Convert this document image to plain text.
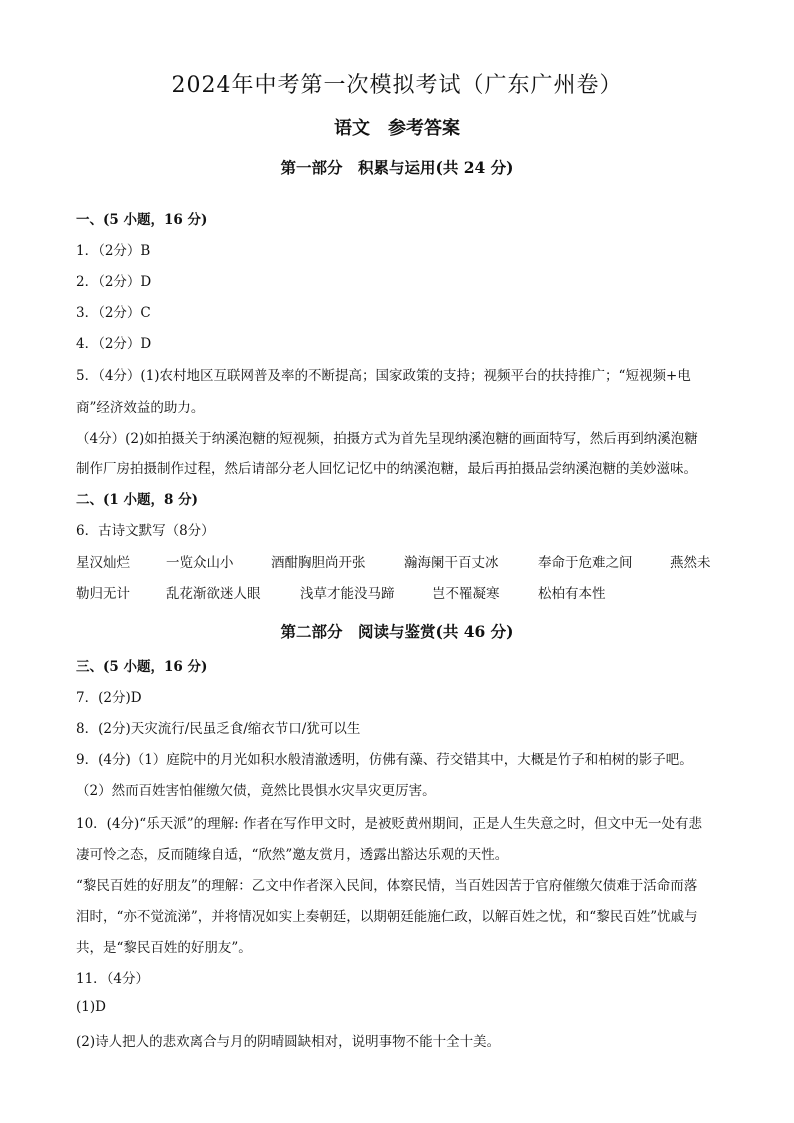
2024年中考第一次模拟考试（广东广州卷）
语文　参考答案
第一部分　积累与运用(共 24 分)
一、(5 小题，16 分)
1．（2分）B
2．（2分）D
3．（2分）C
4．（2分）D
5．（4分）(1)农村地区互联网普及率的不断提高；国家政策的支持；视频平台的扶持推广；“短视频+电
商”经济效益的助力。
（4分）(2)如拍摄关于纳溪泡糖的短视频，拍摄方式为首先呈现纳溪泡糖的画面特写，然后再到纳溪泡糖
制作厂房拍摄制作过程，然后请部分老人回忆记忆中的纳溪泡糖，最后再拍摄品尝纳溪泡糖的美妙滋味。
二、(1 小题，8 分)
6．古诗文默写（8分）
星汉灿烂	一览众山小	酒酣胸胆尚开张	瀚海阑干百丈冰	奉命于危难之间	燕然未
勒归无计	乱花渐欲迷人眼	浅草才能没马蹄	岂不罹凝寒	松柏有本性
第二部分　阅读与鉴赏(共 46 分)
三、(5 小题，16 分)
7．(2分)D
8．(2分)天灾流行/民虽乏食/缩衣节口/犹可以生
9．(4分)（1）庭院中的月光如积水般清澈透明，仿佛有藻、荇交错其中，大概是竹子和柏树的影子吧。
（2）然而百姓害怕催缴欠债，竟然比畏惧水灾旱灾更厉害。
10．(4分)“乐天派”的理解: 作者在写作甲文时，是被贬黄州期间，正是人生失意之时，但文中无一处有悲
凄可怜之态，反而随缘自适，“欣然”邀友赏月，透露出豁达乐观的天性。
“黎民百姓的好朋友”的理解：乙文中作者深入民间，体察民情，当百姓因苦于官府催缴欠债难于活命而落
泪时，“亦不觉流涕”，并将情况如实上奏朝廷，以期朝廷能施仁政，以解百姓之忧，和“黎民百姓”忧戚与
共，是“黎民百姓的好朋友”。
11．（4分）
(1)D
(2)诗人把人的悲欢离合与月的阴晴圆缺相对，说明事物不能十全十美。
